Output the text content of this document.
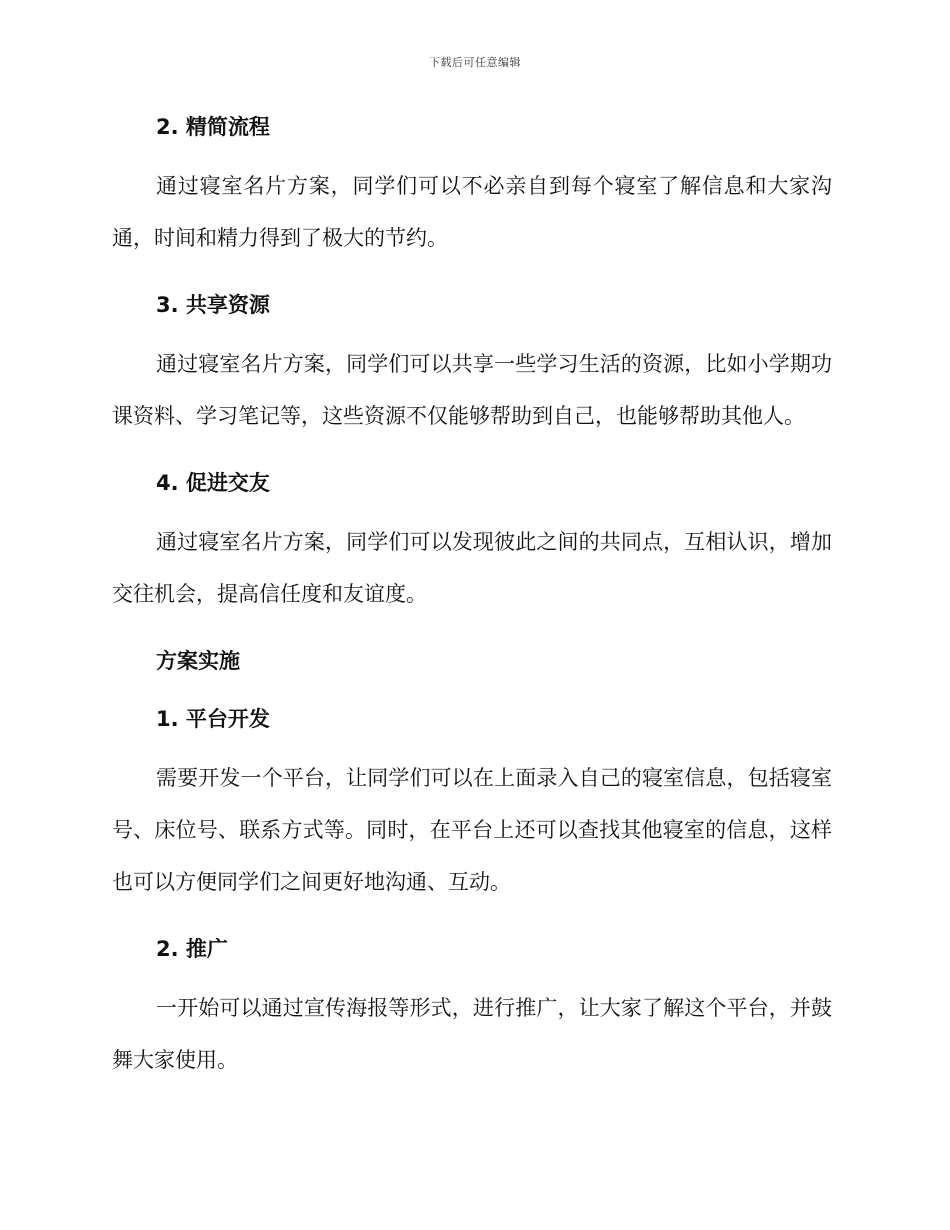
下载后可任意编辑
2. 精简流程

通过寝室名片方案，同学们可以不必亲自到每个寝室了解信息和大家沟通，时间和精力得到了极大的节约。

3. 共享资源

通过寝室名片方案，同学们可以共享一些学习生活的资源，比如小学期功课资料、学习笔记等，这些资源不仅能够帮助到自己，也能够帮助其他人。

4. 促进交友

通过寝室名片方案，同学们可以发现彼此之间的共同点，互相认识，增加交往机会，提高信任度和友谊度。

方案实施
1. 平台开发

需要开发一个平台，让同学们可以在上面录入自己的寝室信息，包括寝室号、床位号、联系方式等。同时，在平台上还可以查找其他寝室的信息，这样也可以方便同学们之间更好地沟通、互动。

2. 推广

一开始可以通过宣传海报等形式，进行推广，让大家了解这个平台，并鼓舞大家使用。
